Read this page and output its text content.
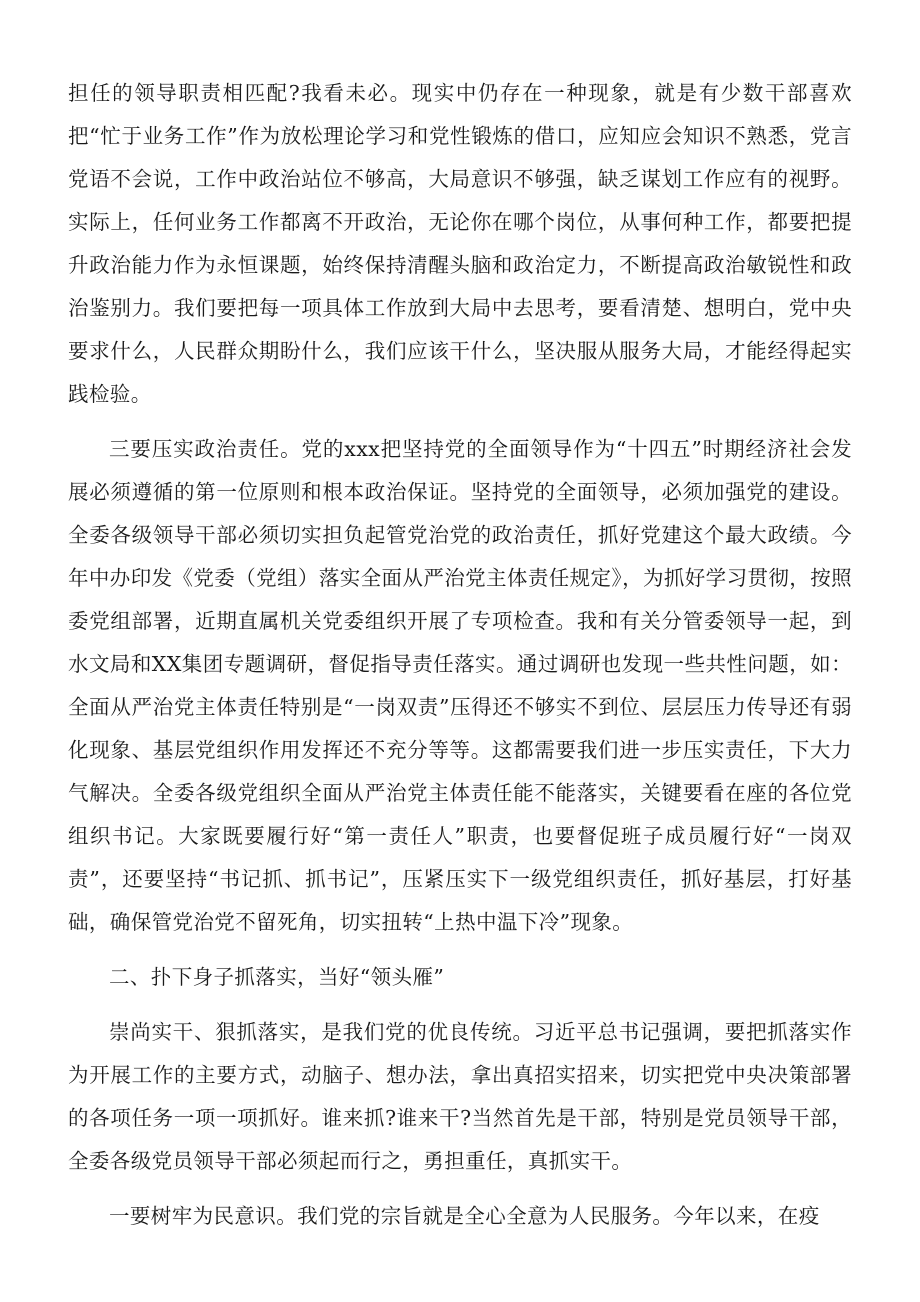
担任的领导职责相匹配?我看未必。现实中仍存在一种现象，就是有少数干部喜欢把“忙于业务工作”作为放松理论学习和党性锻炼的借口，应知应会知识不熟悉，党言党语不会说，工作中政治站位不够高，大局意识不够强，缺乏谋划工作应有的视野。实际上，任何业务工作都离不开政治，无论你在哪个岗位，从事何种工作，都要把提升政治能力作为永恒课题，始终保持清醒头脑和政治定力，不断提高政治敏锐性和政治鉴别力。我们要把每一项具体工作放到大局中去思考，要看清楚、想明白，党中央要求什么，人民群众期盼什么，我们应该干什么，坚决服从服务大局，才能经得起实践检验。

三要压实政治责任。党的xxx把坚持党的全面领导作为“十四五”时期经济社会发展必须遵循的第一位原则和根本政治保证。坚持党的全面领导，必须加强党的建设。全委各级领导干部必须切实担负起管党治党的政治责任，抓好党建这个最大政绩。今年中办印发《党委（党组）落实全面从严治党主体责任规定》，为抓好学习贯彻，按照委党组部署，近期直属机关党委组织开展了专项检查。我和有关分管委领导一起，到水文局和XX集团专题调研，督促指导责任落实。通过调研也发现一些共性问题，如：全面从严治党主体责任特别是“一岗双责”压得还不够实不到位、层层压力传导还有弱化现象、基层党组织作用发挥还不充分等等。这都需要我们进一步压实责任，下大力气解决。全委各级党组织全面从严治党主体责任能不能落实，关键要看在座的各位党组织书记。大家既要履行好“第一责任人”职责，也要督促班子成员履行好“一岗双责”，还要坚持“书记抓、抓书记”，压紧压实下一级党组织责任，抓好基层，打好基础，确保管党治党不留死角，切实扭转“上热中温下冷”现象。

二、扑下身子抓落实，当好“领头雁”

崇尚实干、狠抓落实，是我们党的优良传统。习近平总书记强调，要把抓落实作为开展工作的主要方式，动脑子、想办法，拿出真招实招来，切实把党中央决策部署的各项任务一项一项抓好。谁来抓?谁来干?当然首先是干部，特别是党员领导干部，全委各级党员领导干部必须起而行之，勇担重任，真抓实干。

一要树牢为民意识。我们党的宗旨就是全心全意为人民服务。今年以来，在疫
